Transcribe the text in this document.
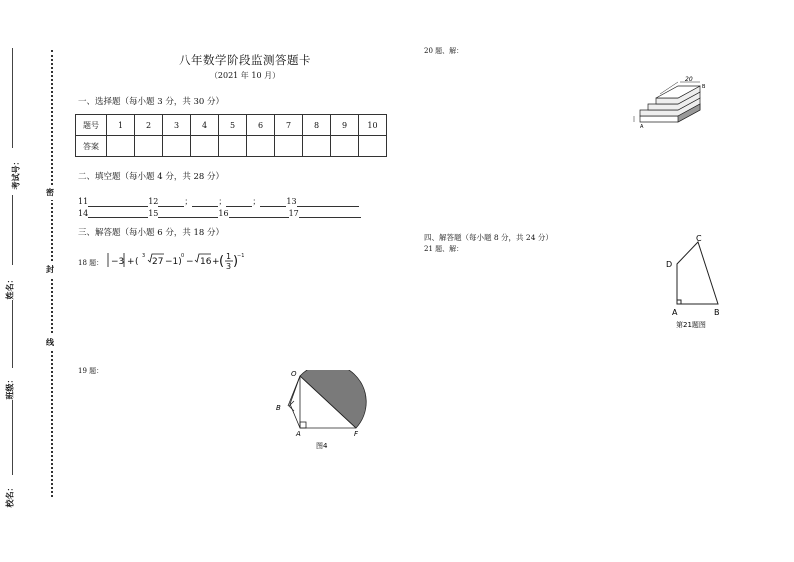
考试号：
姓名：
班级：
校名：
密
封
线
八年数学阶段监测答题卡
（2021 年 10 月）
一、选择题（每小题 3 分，共 30 分）
题号	1	2	3	4	5	6	7	8	9	10
答案										
二、填空题（每小题 4 分，共 28 分）
11	12	；	；	；	13
14	15	16	17
三、解答题（每小题 6 分，共 18 分）
18 题： −3 + (
3
27 −1)
0
− 16 + ( 1
3 )
−1
19 题：	O
B
A	F
图4
20 题、解：
20
B
A
四、解答题（每小题 8 分，共 24 分）
21 题、解：
C
D
A	B
第21题图
